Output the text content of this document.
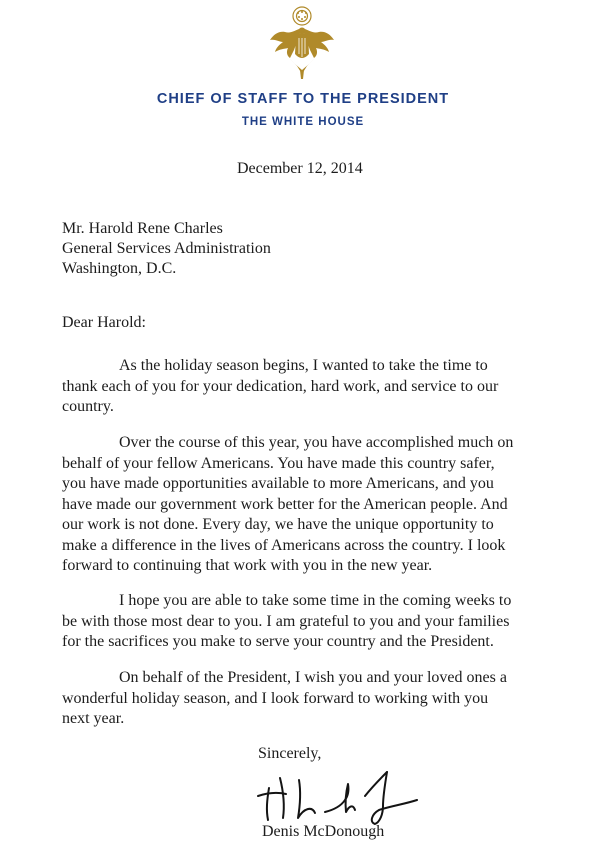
CHIEF OF STAFF TO THE PRESIDENT
THE WHITE HOUSE
December 12, 2014
Mr. Harold Rene Charles
General Services Administration
Washington, D.C.
Dear Harold:
As the holiday season begins, I wanted to take the time to
thank each of you for your dedication, hard work, and service to our
country.
Over the course of this year, you have accomplished much on
behalf of your fellow Americans. You have made this country safer,
you have made opportunities available to more Americans, and you
have made our government work better for the American people. And
our work is not done. Every day, we have the unique opportunity to
make a difference in the lives of Americans across the country. I look
forward to continuing that work with you in the new year.
I hope you are able to take some time in the coming weeks to
be with those most dear to you. I am grateful to you and your families
for the sacrifices you make to serve your country and the President.
On behalf of the President, I wish you and your loved ones a
wonderful holiday season, and I look forward to working with you
next year.
Sincerely,
Denis McDonough
